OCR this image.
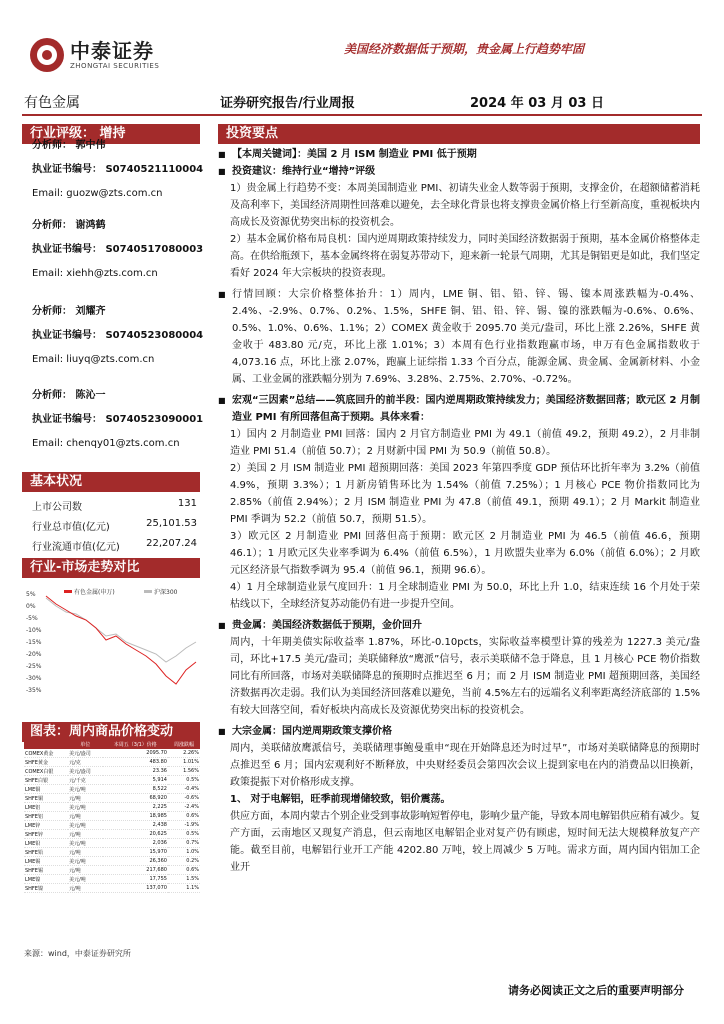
中泰证券
ZHONGTAI SECURITIES
美国经济数据低于预期，贵金属上行趋势牢固
有色金属	证券研究报告/行业周报	2024 年 03 月 03 日
行业评级： 增持	投资要点
分析师： 郭中伟
执业证书编号： S0740521110004
Email: guozw@zts.com.cn
分析师： 谢鸿鹤
执业证书编号： S0740517080003
Email: xiehh@zts.com.cn
分析师： 刘耀齐
执业证书编号： S0740523080004
Email: liuyq@zts.com.cn
分析师： 陈沁一
执业证书编号： S0740523090001
Email: chenqy01@zts.com.cn
基本状况
上市公司数	131
行业总市值(亿元)	25,101.53
行业流通市值(亿元)	22,207.24
行业-市场走势对比
5%
0%
-5%
-10%
-15%
-20%
-25%
-30%
-35%
有色金属(申万)	沪深300
图表：周内商品价格变动
	单位	本周五（3/1）价格	周涨跌幅
COMEX黄金	美元/盎司	2095.70	2.26%
SHFE黄金	元/克	483.80	1.01%
COMEX白银	美元/盎司	23.36	1.56%
SHFE白银	元/千克	5,914	0.5%
LME铜	美元/吨	8,522	-0.4%
SHFE铜	元/吨	68,920	-0.6%
LME铝	美元/吨	2,225	-2.4%
SHFE铝	元/吨	18,985	0.6%
LME锌	美元/吨	2,438	-1.9%
SHFE锌	元/吨	20,625	0.5%
LME铅	美元/吨	2,036	0.7%
SHFE铅	元/吨	15,970	1.0%
LME锡	美元/吨	26,360	0.2%
SHFE锡	元/吨	217,680	0.6%
LME镍	美元/吨	17,755	1.5%
SHFE镍	元/吨	137,070	1.1%
来源：wind，中泰证券研究所
■
【本周关键词】：美国 2 月 ISM 制造业 PMI 低于预期
■
投资建议：维持行业“增持”评级
1）贵金属上行趋势不变：本周美国制造业 PMI、初请失业金人数等弱于预期，支撑金价，在超额储蓄消耗及高利率下，美国经济周期性回落难以避免，去全球化背景也将支撑贵金属价格上行至新高度，重视板块内高成长及资源优势突出标的投资机会。
2）基本金属价格布局良机：国内逆周期政策持续发力，同时美国经济数据弱于预期，基本金属价格整体走高。在供给瓶颈下，基本金属终将在弱复苏带动下，迎来新一轮景气周期，尤其是铜铝更是如此，我们坚定看好 2024 年大宗板块的投资表现。
■
行情回顾：大宗价格整体抬升：1）周内，LME 铜、铝、铅、锌、锡、镍本周涨跌幅为-0.4%、2.4%、-2.9%、0.7%、0.2%、1.5%，SHFE 铜、铝、铅、锌、锡、镍的涨跌幅为-0.6%、0.6%、0.5%、1.0%、0.6%、1.1%；2）COMEX 黄金收于 2095.70 美元/盎司，环比上涨 2.26%，SHFE 黄金收于 483.80 元/克，环比上涨 1.01%；3）本周有色行业指数跑赢市场，申万有色金属指数收于 4,073.16 点，环比上涨 2.07%，跑赢上证综指 1.33 个百分点，能源金属、贵金属、金属新材料、小金属、工业金属的涨跌幅分别为 7.69%、3.28%、2.75%、2.70%、-0.72%。
■
宏观“三因素”总结——筑底回升的前半段：国内逆周期政策持续发力；美国经济数据回落；欧元区 2 月制造业 PMI 有所回落但高于预期。具体来看：
1）国内 2 月制造业 PMI 回落：国内 2 月官方制造业 PMI 为 49.1（前值 49.2，预期 49.2），2 月非制造业 PMI 51.4（前值 50.7）；2 月财新中国 PMI 为 50.9（前值 50.8）。
2）美国 2 月 ISM 制造业 PMI 超预期回落：美国 2023 年第四季度 GDP 预估环比折年率为 3.2%（前值 4.9%，预期 3.3%）；1 月新房销售环比为 1.54%（前值 7.25%）；1 月核心 PCE 物价指数同比为 2.85%（前值 2.94%）；2 月 ISM 制造业 PMI 为 47.8（前值 49.1，预期 49.1）；2 月 Markit 制造业 PMI 季调为 52.2（前值 50.7，预期 51.5）。
3）欧元区 2 月制造业 PMI 回落但高于预期：欧元区 2 月制造业 PMI 为 46.5（前值 46.6，预期 46.1）；1 月欧元区失业率季调为 6.4%（前值 6.5%），1 月欧盟失业率为 6.0%（前值 6.0%）；2 月欧元区经济景气指数季调为 95.4（前值 96.1，预期 96.6）。
4）1 月全球制造业景气度回升：1 月全球制造业 PMI 为 50.0，环比上升 1.0，结束连续 16 个月处于荣枯线以下，全球经济复苏动能仍有进一步提升空间。
■
贵金属：美国经济数据低于预期，金价回升
周内，十年期美债实际收益率 1.87%，环比-0.10pcts，实际收益率模型计算的残差为 1227.3 美元/盎司，环比+17.5 美元/盎司；美联储释放“鹰派”信号，表示美联储不急于降息，且 1 月核心 PCE 物价指数同比有所回落，市场对美联储降息的预期时点推迟至 6 月；而 2 月 ISM 制造业 PMI 超预期回落，美国经济数据再次走弱。我们认为美国经济回落难以避免，当前 4.5%左右的远端名义利率距离经济底部的 1.5%有较大回落空间，看好板块内高成长及资源优势突出标的投资机会。
■
大宗金属：国内逆周期政策支撑价格
周内，美联储放鹰派信号，美联储理事鲍曼重申“现在开始降息还为时过早”，市场对美联储降息的预期时点推迟至 6 月；国内宏观利好不断释放，中央财经委员会第四次会议上提到家电在内的消费品以旧换新，政策提振下对价格形成支撑。
1、 对于电解铝，旺季前现增储较致，铝价震荡。
供应方面，本周内蒙古个别企业受到事故影响短暂停电，影响少量产能，导致本周电解铝供应稍有减少。复产方面，云南地区又现复产消息，但云南地区电解铝企业对复产仍有顾虑，短时间无法大规模释放复产产能。截至目前，电解铝行业开工产能 4202.80 万吨，较上周减少 5 万吨。需求方面，周内国内铝加工企业开
请务必阅读正文之后的重要声明部分
